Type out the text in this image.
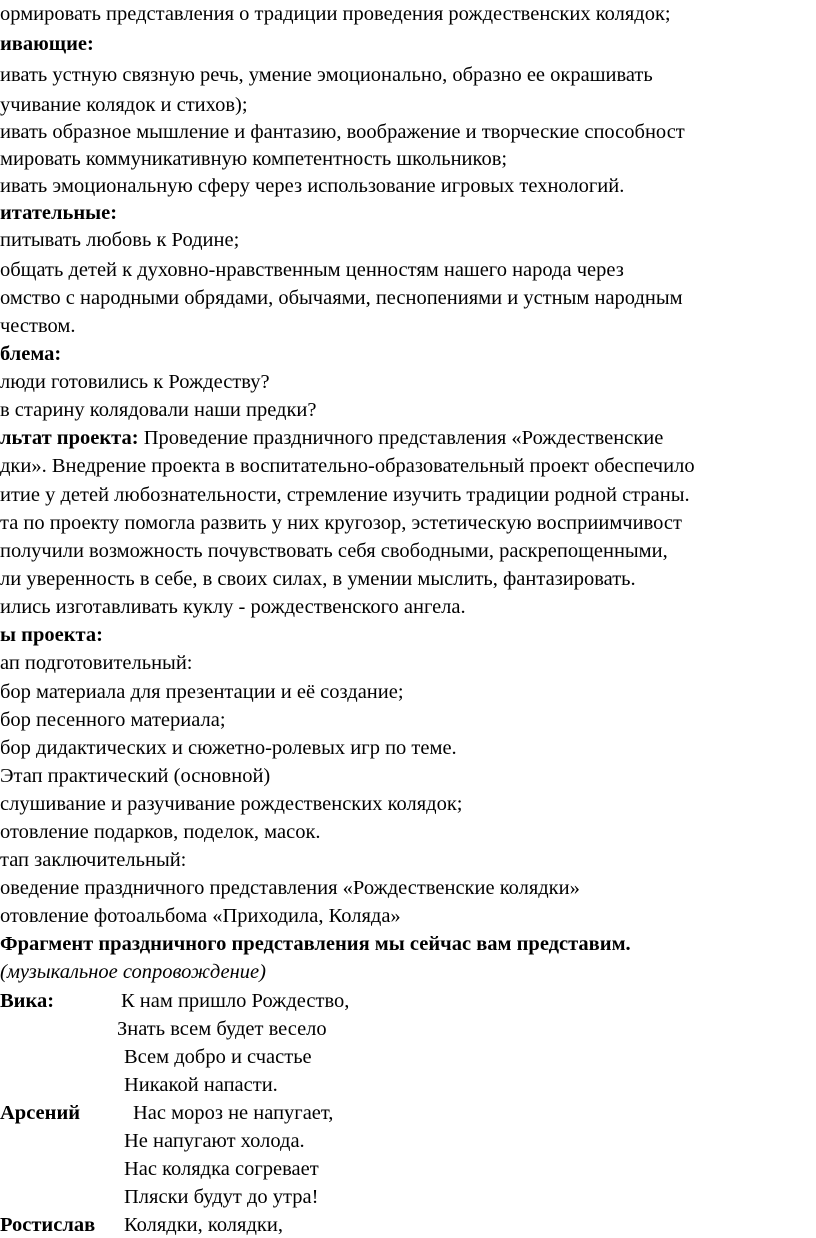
ормировать представления о традиции проведения рождественских колядок;
ивающие:
ивать устную связную речь, умение эмоционально, образно ее окрашивать
учивание колядок и стихов);
ивать образное мышление и фантазию, воображение и творческие способност
мировать коммуникативную компетентность школьников;
ивать эмоциональную сферу через использование игровых технологий.
итательные:
питывать любовь к Родине;
общать детей к духовно-нравственным ценностям нашего народа через
омство с народными обрядами, обычаями, песнопениями и устным народным
чеством.
блема:
люди готовились к Рождеству?
в старину колядовали наши предки?
льтат проекта: Проведение праздничного представления «Рождественские
дки». Внедрение проекта в воспитательно-образовательный проект обеспечило
итие у детей любознательности, стремление изучить традиции родной страны.
та по проекту помогла развить у них кругозор, эстетическую восприимчивост
получили возможность почувствовать себя свободными, раскрепощенными,
ли уверенность в себе, в своих силах, в умении мыслить, фантазировать.
ились изготавливать куклу - рождественского ангела.
ы проекта:
ап подготовительный:
бор материала для презентации и её создание;
бор песенного материала;
бор дидактических и сюжетно-ролевых игр по теме.
Этап практический (основной)
слушивание и разучивание рождественских колядок;
отовление подарков, поделок, масок.
тап заключительный:
оведение праздничного представления «Рождественские колядки»
отовление фотоальбома «Приходила, Коляда»
Фрагмент праздничного представления мы сейчас вам представим.
(музыкальное сопровождение)
Вика:	К нам пришло Рождество,
Знать всем будет весело
Всем добро и счастье
Никакой напасти.
Арсений	Нас мороз не напугает,
Не напугают холода.
Нас колядка согревает
Пляски будут до утра!
Ростислав Колядки, колядки,
